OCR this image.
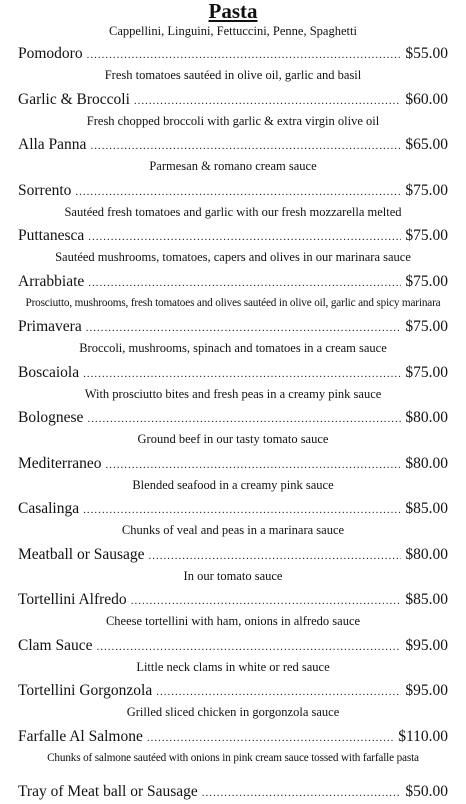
Pasta
Cappellini, Linguini, Fettuccini, Penne, Spaghetti
Pomodoro .....	$55.00
Fresh tomatoes sautéed in olive oil, garlic and basil
Garlic & Broccoli .....	$60.00
Fresh chopped broccoli with garlic & extra virgin olive oil
Alla Panna .....	$65.00
Parmesan & romano cream sauce
Sorrento .....	$75.00
Sautéed fresh tomatoes and garlic with our fresh mozzarella melted
Puttanesca .....	$75.00
Sautéed mushrooms, tomatoes, capers and olives in our marinara sauce
Arrabbiate .....	$75.00
Prosciutto, mushrooms, fresh tomatoes and olives sautéed in olive oil, garlic and spicy marinara
Primavera .....	$75.00
Broccoli, mushrooms, spinach and tomatoes in a cream sauce
Boscaiola .....	$75.00
With prosciutto bites and fresh peas in a creamy pink sauce
Bolognese .....	$80.00
Ground beef in our tasty tomato sauce
Mediterraneo .....	$80.00
Blended seafood in a creamy pink sauce
Casalinga .....	$85.00
Chunks of veal and peas in a marinara sauce
Meatball or Sausage .....	$80.00
In our tomato sauce
Tortellini Alfredo .....	$85.00
Cheese tortellini with ham, onions in alfredo sauce
Clam Sauce .....	$95.00
Little neck clams in white or red sauce
Tortellini Gorgonzola .....	$95.00
Grilled sliced chicken in gorgonzola sauce
Farfalle Al Salmone .....	$110.00
Chunks of salmone sautéed with onions in pink cream sauce tossed with farfalle pasta
Tray of Meat ball or Sausage .....	$50.00
